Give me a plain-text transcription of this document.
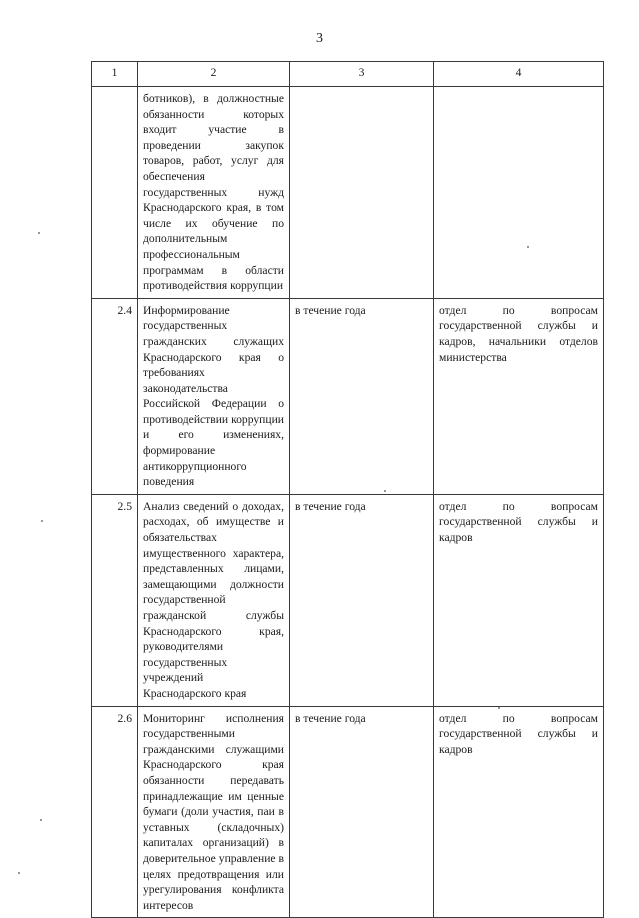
3
1	2	3	4
	ботников), в должностные обязанности которых входит участие в проведении закупок товаров, работ, услуг для обеспечения государственных нужд Краснодарского края, в том числе их обучение по дополнительным профессиональным программам в области противодействия коррупции		
2.4	Информирование государственных гражданских служащих Краснодарского края о требованиях законодательства Российской Федерации о противодействии коррупции и его изменениях, формирование антикоррупционного поведения	в течение года	отдел по вопросам государственной службы и кадров, начальники отделов министерства
2.5	Анализ сведений о доходах, расходах, об имуществе и обязательствах имущественного характера, представленных лицами, замещающими должности государственной гражданской службы Краснодарского края, руководителями государственных учреждений Краснодарского края	в течение года	отдел по вопросам государственной службы и кадров
2.6	Мониторинг исполнения государственными гражданскими служащими Краснодарского края обязанности передавать принадлежащие им ценные бумаги (доли участия, паи в уставных (складочных) капиталах организаций) в доверительное управление в целях предотвращения или урегулирования конфликта интересов	в течение года	отдел по вопросам государственной службы и кадров
